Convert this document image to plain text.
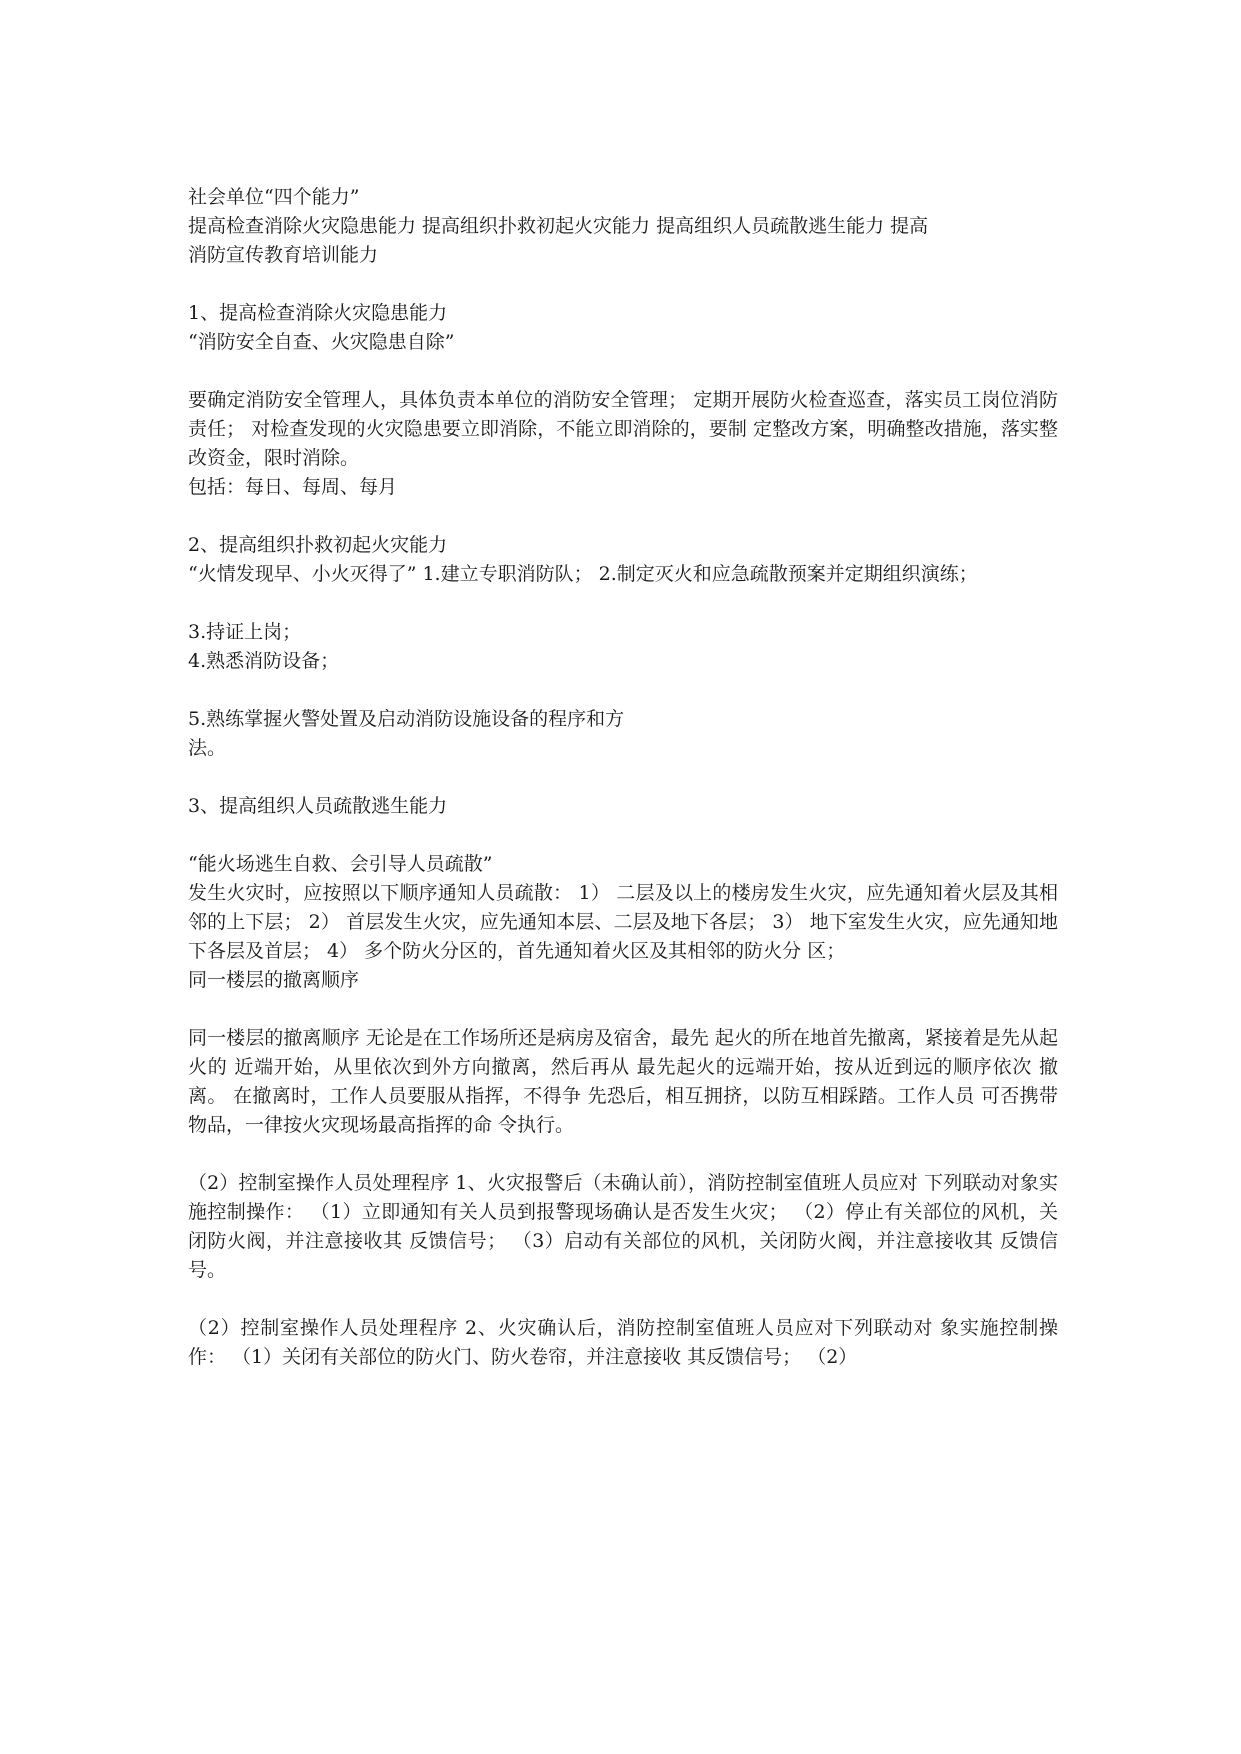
社会单位“四个能力”
提高检查消除火灾隐患能力 提高组织扑救初起火灾能力 提高组织人员疏散逃生能力 提高
消防宣传教育培训能力
1、提高检查消除火灾隐患能力
“消防安全自查、火灾隐患自除”

要确定消防安全管理人，具体负责本单位的消防安全管理； 定期开展防火检查巡查，落实员工岗位消防责任； 对检查发现的火灾隐患要立即消除，不能立即消除的，要制 定整改方案，明确整改措施，落实整改资金，限时消除。

包括：每日、每周、每月
2、提高组织扑救初起火灾能力

“火情发现早、小火灭得了” 1.建立专职消防队； 2.制定灭火和应急疏散预案并定期组织演练；

3.持证上岗；
4.熟悉消防设备；
5.熟练掌握火警处置及启动消防设施设备的程序和方
法。
3、提高组织人员疏散逃生能力
“能火场逃生自救、会引导人员疏散”

发生火灾时，应按照以下顺序通知人员疏散： 1） 二层及以上的楼房发生火灾，应先通知着火层及其相 邻的上下层； 2） 首层发生火灾，应先通知本层、二层及地下各层； 3） 地下室发生火灾，应先通知地下各层及首层； 4） 多个防火分区的，首先通知着火区及其相邻的防火分 区；

同一楼层的撤离顺序

同一楼层的撤离顺序 无论是在工作场所还是病房及宿舍，最先 起火的所在地首先撤离，紧接着是先从起火的 近端开始，从里依次到外方向撤离，然后再从 最先起火的远端开始，按从近到远的顺序依次 撤离。 在撤离时，工作人员要服从指挥，不得争 先恐后，相互拥挤，以防互相踩踏。工作人员 可否携带物品，一律按火灾现场最高指挥的命 令执行。

（2）控制室操作人员处理程序 1、火灾报警后（未确认前），消防控制室值班人员应对 下列联动对象实施控制操作： （1）立即通知有关人员到报警现场确认是否发生火灾； （2）停止有关部位的风机，关闭防火阀，并注意接收其 反馈信号； （3）启动有关部位的风机，关闭防火阀，并注意接收其 反馈信号。

（2）控制室操作人员处理程序 2、火灾确认后，消防控制室值班人员应对下列联动对 象实施控制操作： （1）关闭有关部位的防火门、防火卷帘，并注意接收 其反馈信号； （2）
